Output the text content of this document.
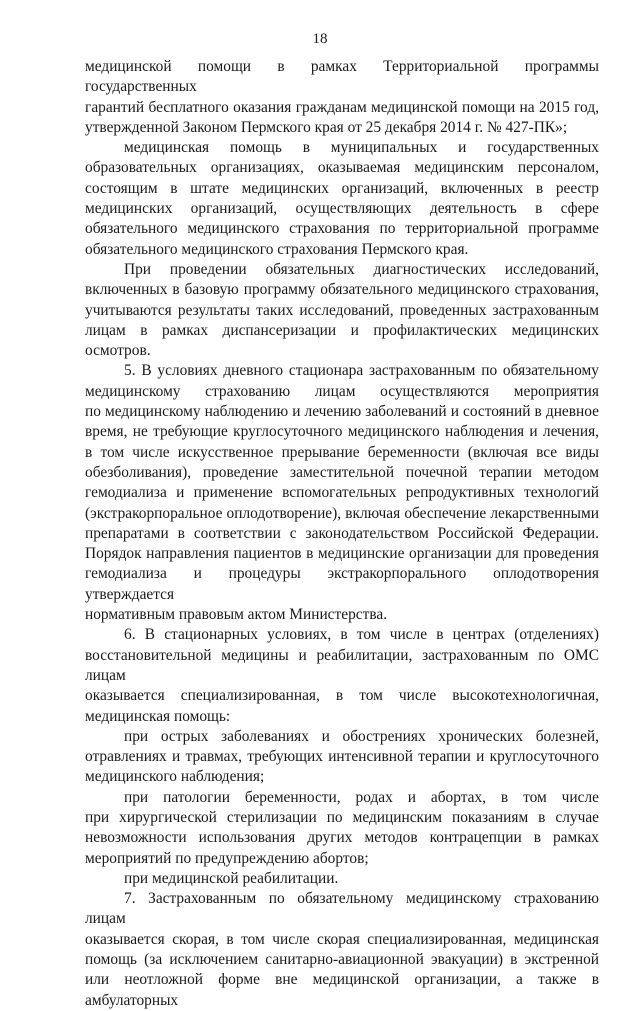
18

медицинской помощи в рамках Территориальной программы государственных

гарантий бесплатного оказания гражданам медицинской помощи на 2015 год,

утвержденной Законом Пермского края от 25 декабря 2014 г. № 427-ПК»;

медицинская помощь в муниципальных и государственных

образовательных организациях, оказываемая медицинским персоналом,

состоящим в штате медицинских организаций, включенных в реестр

медицинских организаций, осуществляющих деятельность в сфере

обязательного медицинского страхования по территориальной программе

обязательного медицинского страхования Пермского края.

При проведении обязательных диагностических исследований,

включенных в базовую программу обязательного медицинского страхования,

учитываются результаты таких исследований, проведенных застрахованным

лицам в рамках диспансеризации и профилактических медицинских осмотров.

5. В условиях дневного стационара застрахованным по обязательному

медицинскому страхованию лицам осуществляются мероприятия

по медицинскому наблюдению и лечению заболеваний и состояний в дневное

время, не требующие круглосуточного медицинского наблюдения и лечения,

в том числе искусственное прерывание беременности (включая все виды

обезболивания), проведение заместительной почечной терапии методом

гемодиализа и применение вспомогательных репродуктивных технологий

(экстракорпоральное оплодотворение), включая обеспечение лекарственными

препаратами в соответствии с законодательством Российской Федерации.

Порядок направления пациентов в медицинские организации для проведения

гемодиализа и процедуры экстракорпорального оплодотворения утверждается

нормативным правовым актом Министерства.

6. В стационарных условиях, в том числе в центрах (отделениях)

восстановительной медицины и реабилитации, застрахованным по ОМС лицам

оказывается специализированная, в том числе высокотехнологичная,

медицинская помощь:

при острых заболеваниях и обострениях хронических болезней,

отравлениях и травмах, требующих интенсивной терапии и круглосуточного

медицинского наблюдения;

при патологии беременности, родах и абортах, в том числе

при хирургической стерилизации по медицинским показаниям в случае

невозможности использования других методов контрацепции в рамках

мероприятий по предупреждению абортов;

при медицинской реабилитации.

7. Застрахованным по обязательному медицинскому страхованию лицам

оказывается скорая, в том числе скорая специализированная, медицинская

помощь (за исключением санитарно-авиационной эвакуации) в экстренной

или неотложной форме вне медицинской организации, а также в амбулаторных
